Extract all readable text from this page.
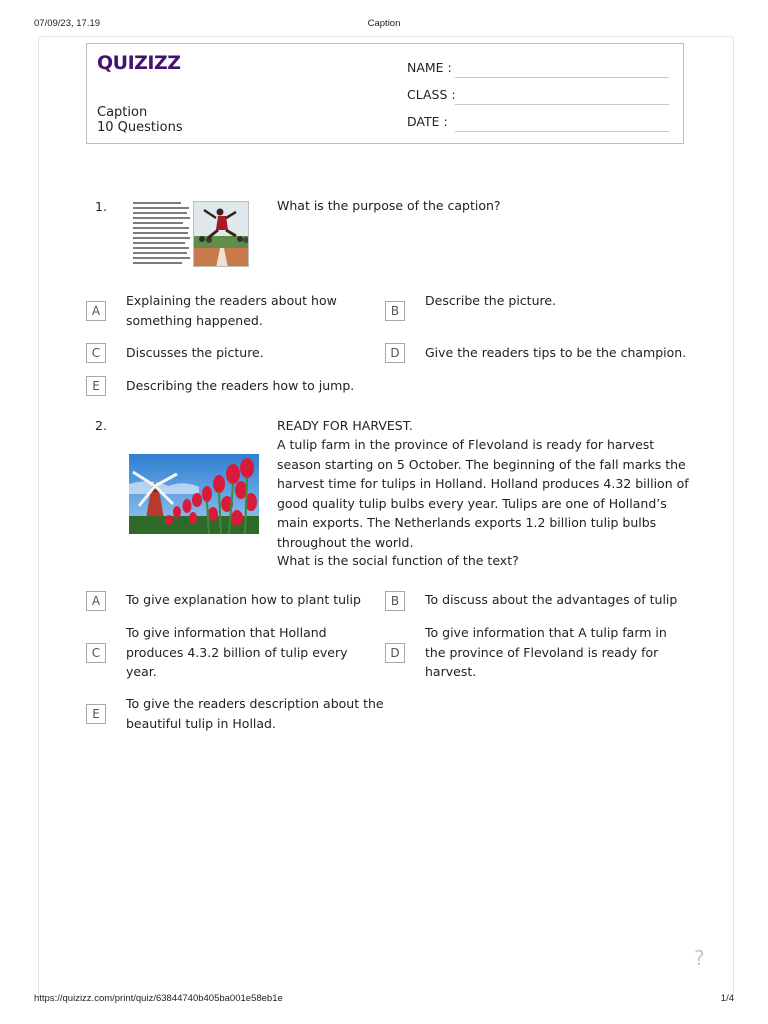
07/09/23, 17.19	Caption
QUIZIZZ
Caption
10 Questions
NAME :
CLASS :
DATE :
1.	What is the purpose of the caption?
A
Explaining the readers about how something happened.
B
Describe the picture.
C	Discusses the picture.	D	Give the readers tips to be the champion.
E	Describing the readers how to jump.
2.	READY FOR HARVEST.
A tulip farm in the province of Flevoland is ready for harvest season starting on 5 October. The beginning of the fall marks the harvest time for tulips in Holland. Holland produces 4.32 billion of good quality tulip bulbs every year. Tulips are one of Holland’s main exports. The Netherlands exports 1.2 billion tulip bulbs throughout the world.
What is the social function of the text?
A	To give explanation how to plant tulip	B	To discuss about the advantages of tulip
C
To give information that Holland produces 4.3.2 billion of tulip every year.
D
To give information that A tulip farm in the province of Flevoland is ready for harvest.
E
To give the readers description about the beautiful tulip in Hollad.
?
https://quizizz.com/print/quiz/63844740b405ba001e58eb1e	1/4
